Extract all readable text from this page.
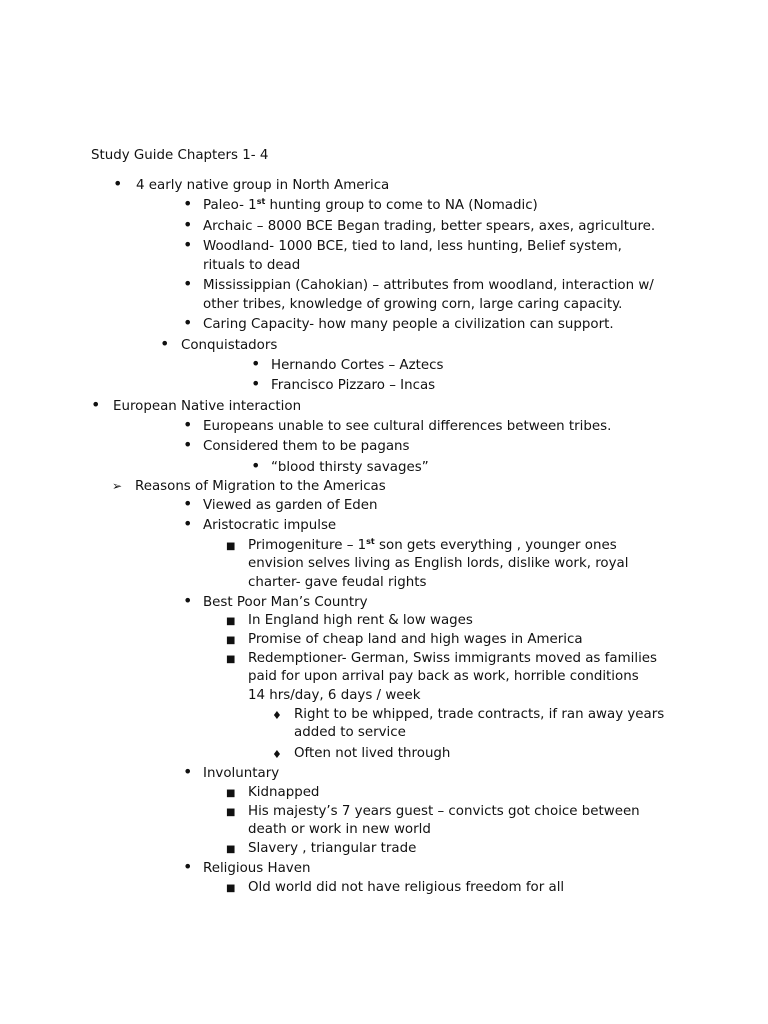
Study Guide Chapters 1- 4
•
4 early native group in North America
•
Paleo- 1st hunting group to come to NA (Nomadic)
•
Archaic – 8000 BCE Began trading, better spears, axes, agriculture.
•
Woodland- 1000 BCE, tied to land, less hunting, Belief system,
rituals to dead
•
Mississippian (Cahokian) – attributes from woodland, interaction w/
other tribes, knowledge of growing corn, large caring capacity.
•
Caring Capacity- how many people a civilization can support.
•
Conquistadors
•
Hernando Cortes – Aztecs
•
Francisco Pizzaro – Incas
•
European Native interaction
•
Europeans unable to see cultural differences between tribes.
•
Considered them to be pagans
•
“blood thirsty savages”
➢
Reasons of Migration to the Americas
•
Viewed as garden of Eden
•
Aristocratic impulse
■
Primogeniture – 1st son gets everything , younger ones
envision selves living as English lords, dislike work, royal
charter- gave feudal rights
•
Best Poor Man’s Country
■
In England high rent & low wages
■
Promise of cheap land and high wages in America
■
Redemptioner- German, Swiss immigrants moved as families
paid for upon arrival pay back as work, horrible conditions
14 hrs/day, 6 days / week
♦
Right to be whipped, trade contracts, if ran away years
added to service
♦
Often not lived through
•
Involuntary
■
Kidnapped
■
His majesty’s 7 years guest – convicts got choice between
death or work in new world
■
Slavery , triangular trade
•
Religious Haven
■
Old world did not have religious freedom for all
